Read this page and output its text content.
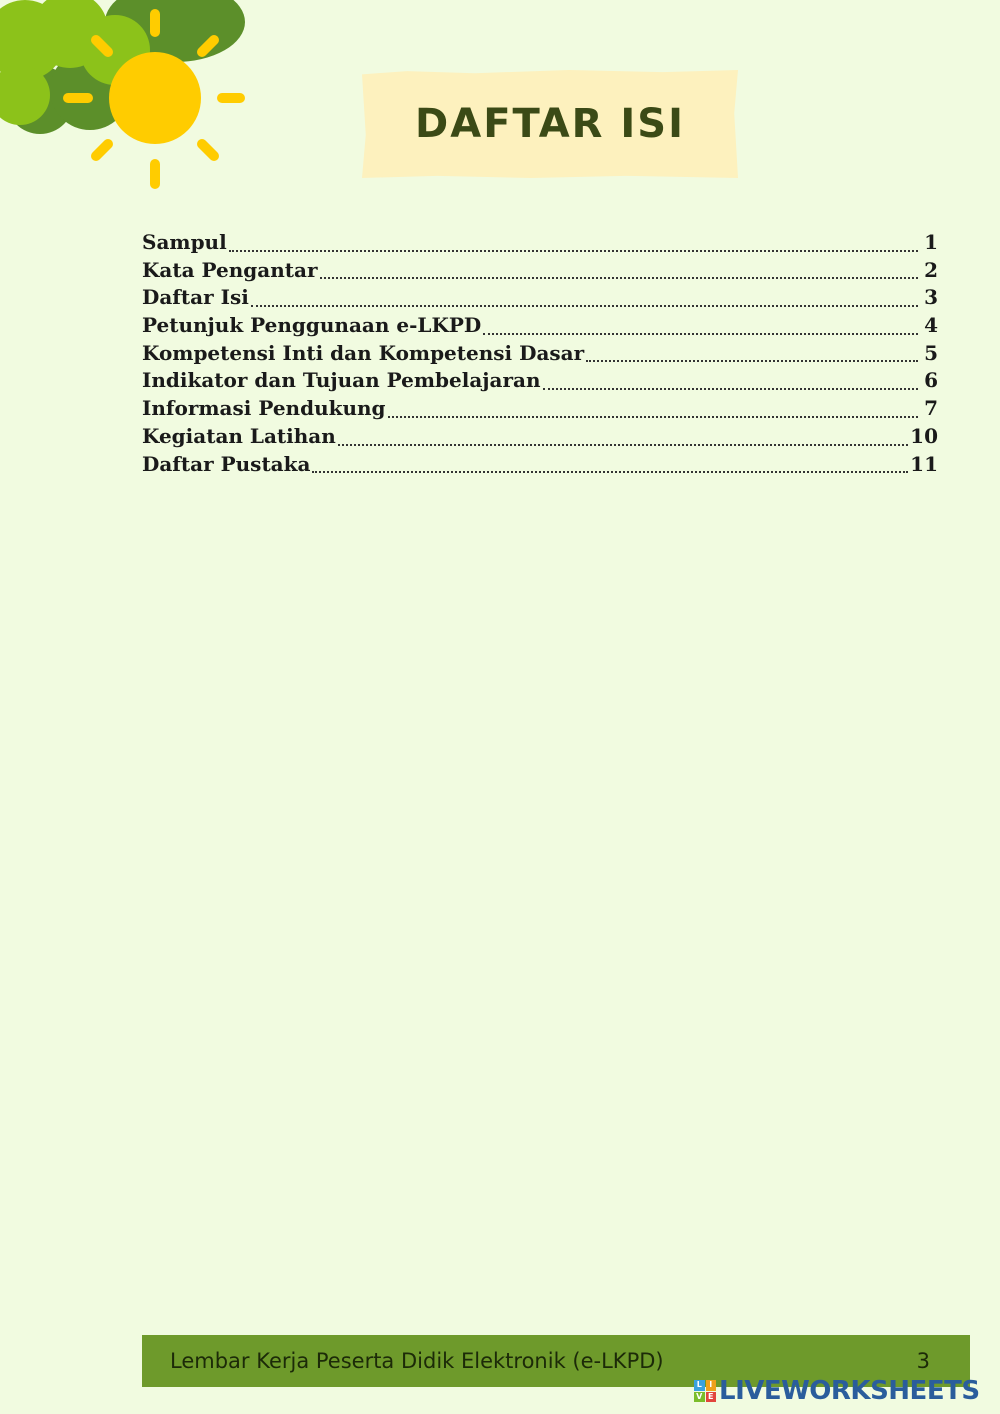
DAFTAR ISI
Sampul	1
Kata Pengantar	2
Daftar Isi	3
Petunjuk Penggunaan e-LKPD	4
Kompetensi Inti dan Kompetensi Dasar	5
Indikator dan Tujuan Pembelajaran	6
Informasi Pendukung	7
Kegiatan Latihan	10
Daftar Pustaka	11
Lembar Kerja Peserta Didik Elektronik (e-LKPD)	3
L I
V E LIVEWORKSHEETS
